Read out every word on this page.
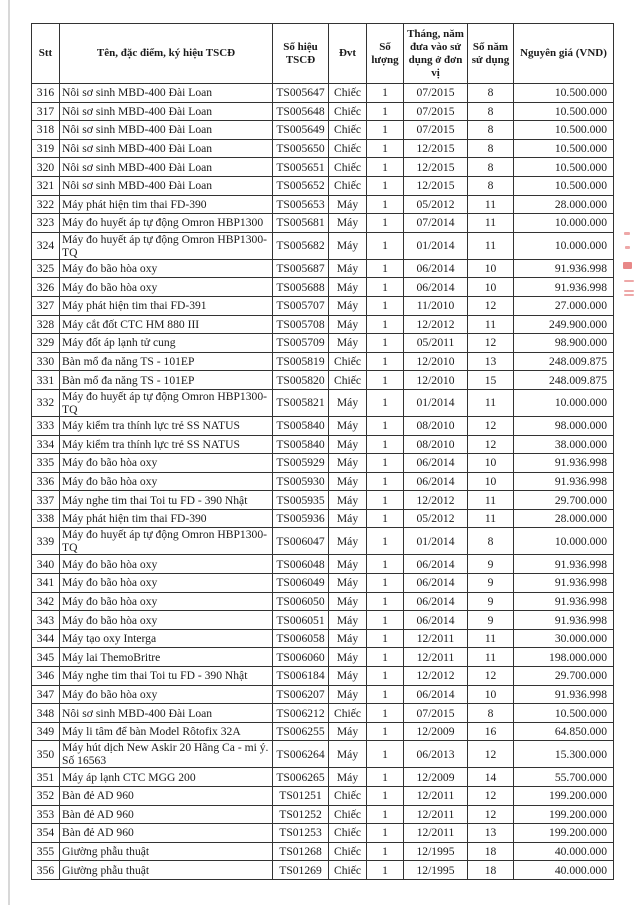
Stt	Tên, đặc điểm, ký hiệu TSCĐ	Số hiệu TSCĐ	Đvt	Số lượng	Tháng, năm đưa vào sử dụng ở đơn vị	Số năm sử dụng	Nguyên giá (VND)
316	Nôi sơ sinh MBD-400 Đài Loan	TS005647	Chiếc	1	07/2015	8	10.500.000
317	Nôi sơ sinh MBD-400 Đài Loan	TS005648	Chiếc	1	07/2015	8	10.500.000
318	Nôi sơ sinh MBD-400 Đài Loan	TS005649	Chiếc	1	07/2015	8	10.500.000
319	Nôi sơ sinh MBD-400 Đài Loan	TS005650	Chiếc	1	12/2015	8	10.500.000
320	Nôi sơ sinh MBD-400 Đài Loan	TS005651	Chiếc	1	12/2015	8	10.500.000
321	Nôi sơ sinh MBD-400 Đài Loan	TS005652	Chiếc	1	12/2015	8	10.500.000
322	Máy phát hiện tim thai FD-390	TS005653	Máy	1	05/2012	11	28.000.000
323	Máy đo huyết áp tự động Omron HBP1300	TS005681	Máy	1	07/2014	11	10.000.000
324	Máy đo huyết áp tự động Omron HBP1300-TQ	TS005682	Máy	1	01/2014	11	10.000.000
325	Máy đo bão hòa oxy	TS005687	Máy	1	06/2014	10	91.936.998
326	Máy đo bão hòa oxy	TS005688	Máy	1	06/2014	10	91.936.998
327	Máy phát hiện tim thai FD-391	TS005707	Máy	1	11/2010	12	27.000.000
328	Máy cắt đốt CTC HM 880 III	TS005708	Máy	1	12/2012	11	249.900.000
329	Máy đốt áp lạnh tử cung	TS005709	Máy	1	05/2011	12	98.900.000
330	Bàn mổ đa năng TS - 101EP	TS005819	Chiếc	1	12/2010	13	248.009.875
331	Bàn mổ đa năng TS - 101EP	TS005820	Chiếc	1	12/2010	15	248.009.875
332	Máy đo huyết áp tự động Omron HBP1300-TQ	TS005821	Máy	1	01/2014	11	10.000.000
333	Máy kiểm tra thính lực trẻ SS NATUS	TS005840	Máy	1	08/2010	12	98.000.000
334	Máy kiểm tra thính lực trẻ SS NATUS	TS005840	Máy	1	08/2010	12	38.000.000
335	Máy đo bão hòa oxy	TS005929	Máy	1	06/2014	10	91.936.998
336	Máy đo bão hòa oxy	TS005930	Máy	1	06/2014	10	91.936.998
337	Máy nghe tim thai Toi tu FD - 390 Nhật	TS005935	Máy	1	12/2012	11	29.700.000
338	Máy phát hiện tim thai FD-390	TS005936	Máy	1	05/2012	11	28.000.000
339	Máy đo huyết áp tự động Omron HBP1300-TQ	TS006047	Máy	1	01/2014	8	10.000.000
340	Máy đo bão hòa oxy	TS006048	Máy	1	06/2014	9	91.936.998
341	Máy đo bão hòa oxy	TS006049	Máy	1	06/2014	9	91.936.998
342	Máy đo bão hòa oxy	TS006050	Máy	1	06/2014	9	91.936.998
343	Máy đo bão hòa oxy	TS006051	Máy	1	06/2014	9	91.936.998
344	Máy tạo oxy Interga	TS006058	Máy	1	12/2011	11	30.000.000
345	Máy lai ThemoBritre	TS006060	Máy	1	12/2011	11	198.000.000
346	Máy nghe tim thai Toi tu FD - 390 Nhật	TS006184	Máy	1	12/2012	12	29.700.000
347	Máy đo bão hòa oxy	TS006207	Máy	1	06/2014	10	91.936.998
348	Nôi sơ sinh MBD-400 Đài Loan	TS006212	Chiếc	1	07/2015	8	10.500.000
349	Máy li tâm để bàn Model Rôtofix 32A	TS006255	Máy	1	12/2009	16	64.850.000
350	Máy hút dịch New Askir 20 Hãng Ca - mi ý. Số 16563	TS006264	Máy	1	06/2013	12	15.300.000
351	Máy áp lạnh CTC MGG 200	TS006265	Máy	1	12/2009	14	55.700.000
352	Bàn đẻ AD 960	TS01251	Chiếc	1	12/2011	12	199.200.000
353	Bàn đẻ AD 960	TS01252	Chiếc	1	12/2011	12	199.200.000
354	Bàn đẻ AD 960	TS01253	Chiếc	1	12/2011	13	199.200.000
355	Giường phẫu thuật	TS01268	Chiếc	1	12/1995	18	40.000.000
356	Giường phẫu thuật	TS01269	Chiếc	1	12/1995	18	40.000.000
